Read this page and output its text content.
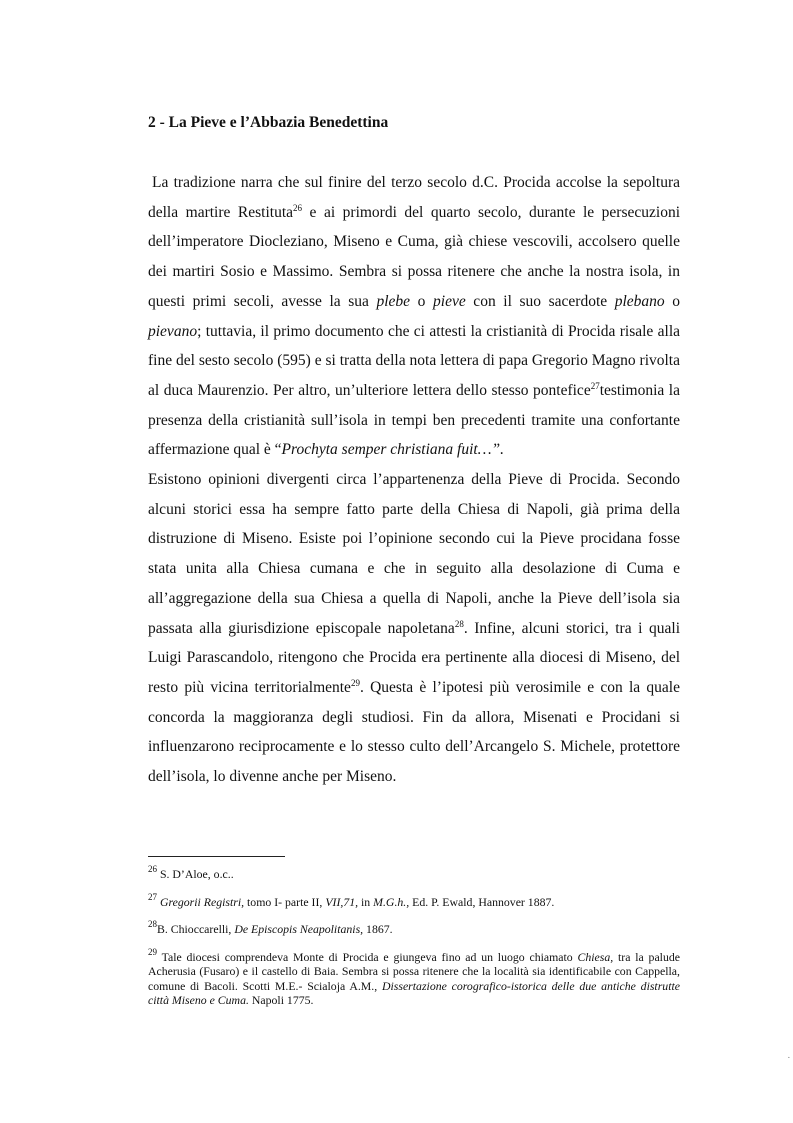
2 - La Pieve e l’Abbazia Benedettina

La tradizione narra che sul finire del terzo secolo d.C. Procida accolse la sepoltura della martire Restituta$^{26}$ e ai primordi del quarto secolo, durante le persecuzioni dell’imperatore Diocleziano, Miseno e Cuma, già chiese vescovili, accolsero quelle dei martiri Sosio e Massimo. Sembra si possa ritenere che anche la nostra isola, in questi primi secoli, avesse la sua plebe o pieve con il suo sacerdote plebano o pievano; tuttavia, il primo documento che ci attesti la cristianità di Procida risale alla fine del sesto secolo (595) e si tratta della nota lettera di papa Gregorio Magno rivolta al duca Maurenzio. Per altro, un’ulteriore lettera dello stesso pontefice$^{27}$testimonia la presenza della cristianità sull’isola in tempi ben precedenti tramite una confortante affermazione qual è “Prochyta semper christiana fuit…”.

Esistono opinioni divergenti circa l’appartenenza della Pieve di Procida. Secondo alcuni storici essa ha sempre fatto parte della Chiesa di Napoli, già prima della distruzione di Miseno. Esiste poi l’opinione secondo cui la Pieve procidana fosse stata unita alla Chiesa cumana e che in seguito alla desolazione di Cuma e all’aggregazione della sua Chiesa a quella di Napoli, anche la Pieve dell’isola sia passata alla giurisdizione episcopale napoletana$^{28}$. Infine, alcuni storici, tra i quali Luigi Parascandolo, ritengono che Procida era pertinente alla diocesi di Miseno, del resto più vicina territorialmente$^{29}$. Questa è l’ipotesi più verosimile e con la quale concorda la maggioranza degli studiosi. Fin da allora, Misenati e Procidani si influenzarono reciprocamente e lo stesso culto dell’Arcangelo S. Michele, protettore dell’isola, lo divenne anche per Miseno.

$^{26}$ S. D’Aloe, o.c..

$^{27}$ Gregorii Registri, tomo I- parte II, VII,71, in M.G.h., Ed. P. Ewald, Hannover 1887.

$^{28}$B. Chioccarelli, De Episcopis Neapolitanis, 1867.

$^{29}$ Tale diocesi comprendeva Monte di Procida e giungeva fino ad un luogo chiamato Chiesa, tra la palude Acherusia (Fusaro) e il castello di Baia. Sembra si possa ritenere che la località sia identificabile con Cappella, comune di Bacoli. Scotti M.E.- Scialoja A.M., Dissertazione corografico-istorica delle due antiche distrutte città Miseno e Cuma. Napoli 1775.

.
